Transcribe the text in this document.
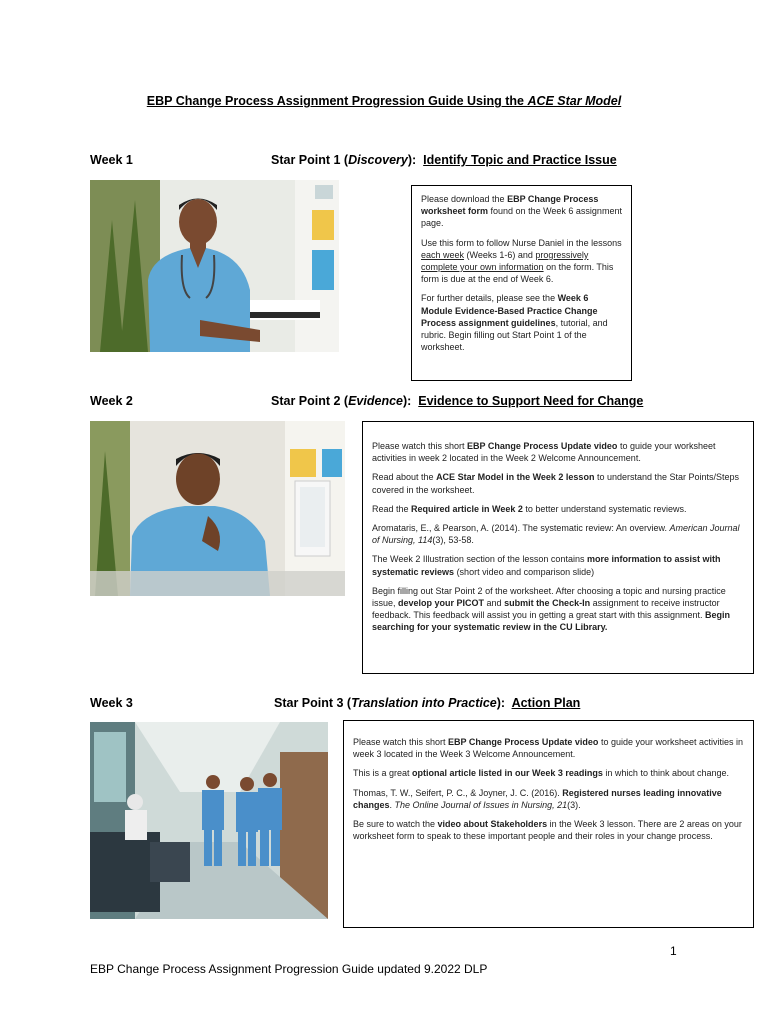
EBP Change Process Assignment Progression Guide Using the ACE Star Model
Week 1	Star Point 1 (Discovery): Identify Topic and Practice Issue

Please download the EBP Change Process worksheet form found on the Week 6 assignment page.

Use this form to follow Nurse Daniel in the lessons each week (Weeks 1-6) and progressively complete your own information on the form. This form is due at the end of Week 6.

For further details, please see the Week 6 Module Evidence-Based Practice Change Process assignment guidelines, tutorial, and rubric. Begin filling out Start Point 1 of the worksheet.

Week 2	Star Point 2 (Evidence): Evidence to Support Need for Change

Please watch this short EBP Change Process Update video to guide your worksheet activities in week 2 located in the Week 2 Welcome Announcement.

Read about the ACE Star Model in the Week 2 lesson to understand the Star Points/Steps covered in the worksheet.

Read the Required article in Week 2 to better understand systematic reviews.

Aromataris, E., & Pearson, A. (2014). The systematic review: An overview. American Journal of Nursing, 114(3), 53-58.

The Week 2 Illustration section of the lesson contains more information to assist with systematic reviews (short video and comparison slide)

Begin filling out Star Point 2 of the worksheet. After choosing a topic and nursing practice issue, develop your PICOT and submit the Check-In assignment to receive instructor feedback. This feedback will assist you in getting a great start with this assignment. Begin searching for your systematic review in the CU Library.

Week 3	Star Point 3 (Translation into Practice): Action Plan

Please watch this short EBP Change Process Update video to guide your worksheet activities in week 3 located in the Week 3 Welcome Announcement.

This is a great optional article listed in our Week 3 readings in which to think about change.

Thomas, T. W., Seifert, P. C., & Joyner, J. C. (2016). Registered nurses leading innovative changes. The Online Journal of Issues in Nursing, 21(3).

Be sure to watch the video about Stakeholders in the Week 3 lesson. There are 2 areas on your worksheet form to speak to these important people and their roles in your change process.

1
EBP Change Process Assignment Progression Guide updated 9.2022 DLP
